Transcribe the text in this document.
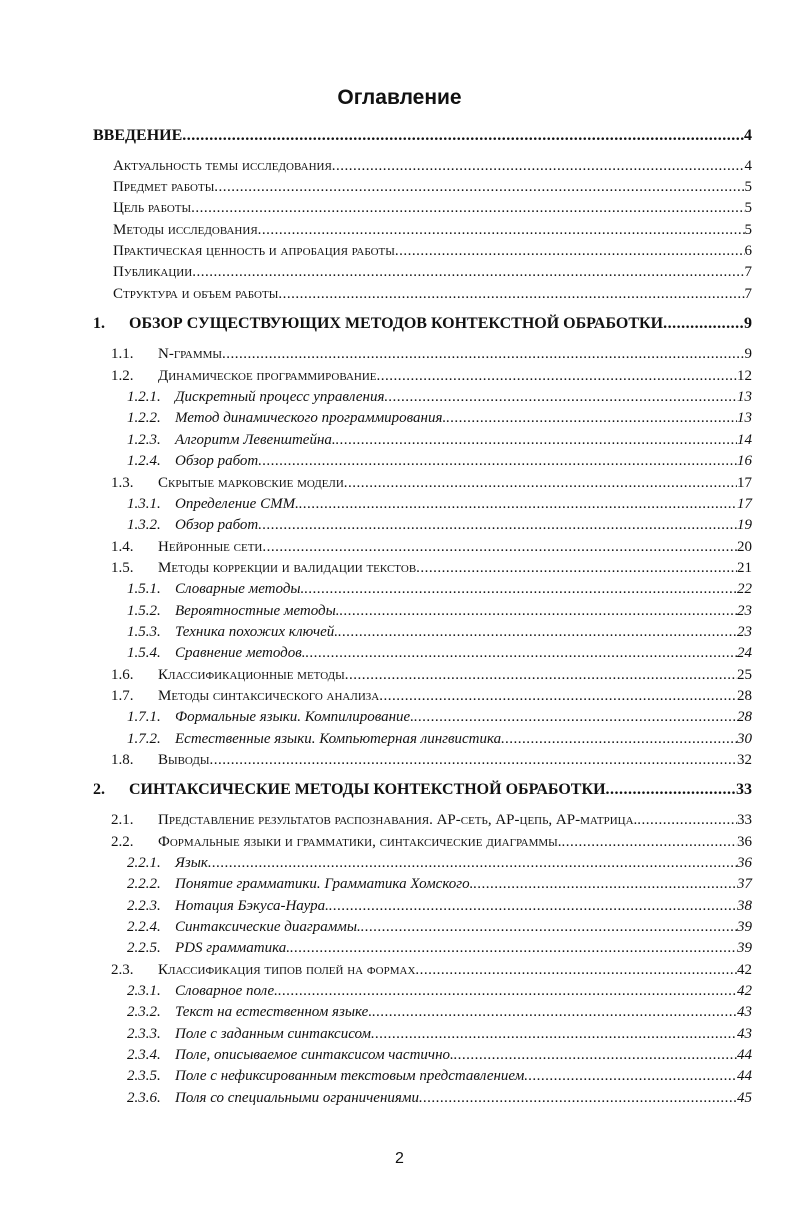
Оглавление
ВВЕДЕНИЕ .....	4
Актуальность темы исследования .....	4
Предмет работы .....	5
Цель работы .....	5
Методы исследования .....	5
Практическая ценность и апробация работы .....	6
Публикации .....	7
Структура и объем работы .....	7
1.	ОБЗОР СУЩЕСТВУЮЩИХ МЕТОДОВ КОНТЕКСТНОЙ ОБРАБОТКИ .....	9
1.1.	N-граммы .....	9
1.2.	Динамическое программирование .....	12
1.2.1. Дискретный процесс управления .....	13
1.2.2. Метод динамического программирования. .....	13
1.2.3. Алгоритм Левенштейна. .....	14
1.2.4. Обзор работ .....	16
1.3.	Скрытые марковские модели .....	17
1.3.1. Определение СММ. .....	17
1.3.2. Обзор работ .....	19
1.4.	Нейронные сети .....	20
1.5.	Методы коррекции и валидации текстов .....	21
1.5.1. Словарные методы. .....	22
1.5.2. Вероятностные методы. .....	23
1.5.3. Техника похожих ключей. .....	23
1.5.4. Сравнение методов. .....	24
1.6.	Классификационные методы .....	25
1.7.	Методы синтаксического анализа .....	28
1.7.1. Формальные языки. Компилирование. .....	28
1.7.2. Естественные языки. Компьютерная лингвистика .....	30
1.8.	Выводы .....	32
2.	СИНТАКСИЧЕСКИЕ МЕТОДЫ КОНТЕКСТНОЙ ОБРАБОТКИ .....	33
2.1.	Представление результатов распознавания. АР-сеть, АР-цепь, АР-матрица. .....	33
2.2.	Формальные языки и грамматики, синтаксические диаграммы. .....	36
2.2.1. Язык .....	36
2.2.2. Понятие грамматики. Грамматика Хомского. .....	37
2.2.3. Нотация Бэкуса-Наура. .....	38
2.2.4. Синтаксические диаграммы. .....	39
2.2.5. PDS грамматика. .....	39
2.3.	Классификация типов полей на формах .....	42
2.3.1. Словарное поле. .....	42
2.3.2. Текст на естественном языке. .....	43
2.3.3. Поле с заданным синтаксисом .....	43
2.3.4. Поле, описываемое синтаксисом частично. .....	44
2.3.5. Поле с нефиксированным текстовым представлением .....	44
2.3.6. Поля со специальными ограничениями .....	45
2
